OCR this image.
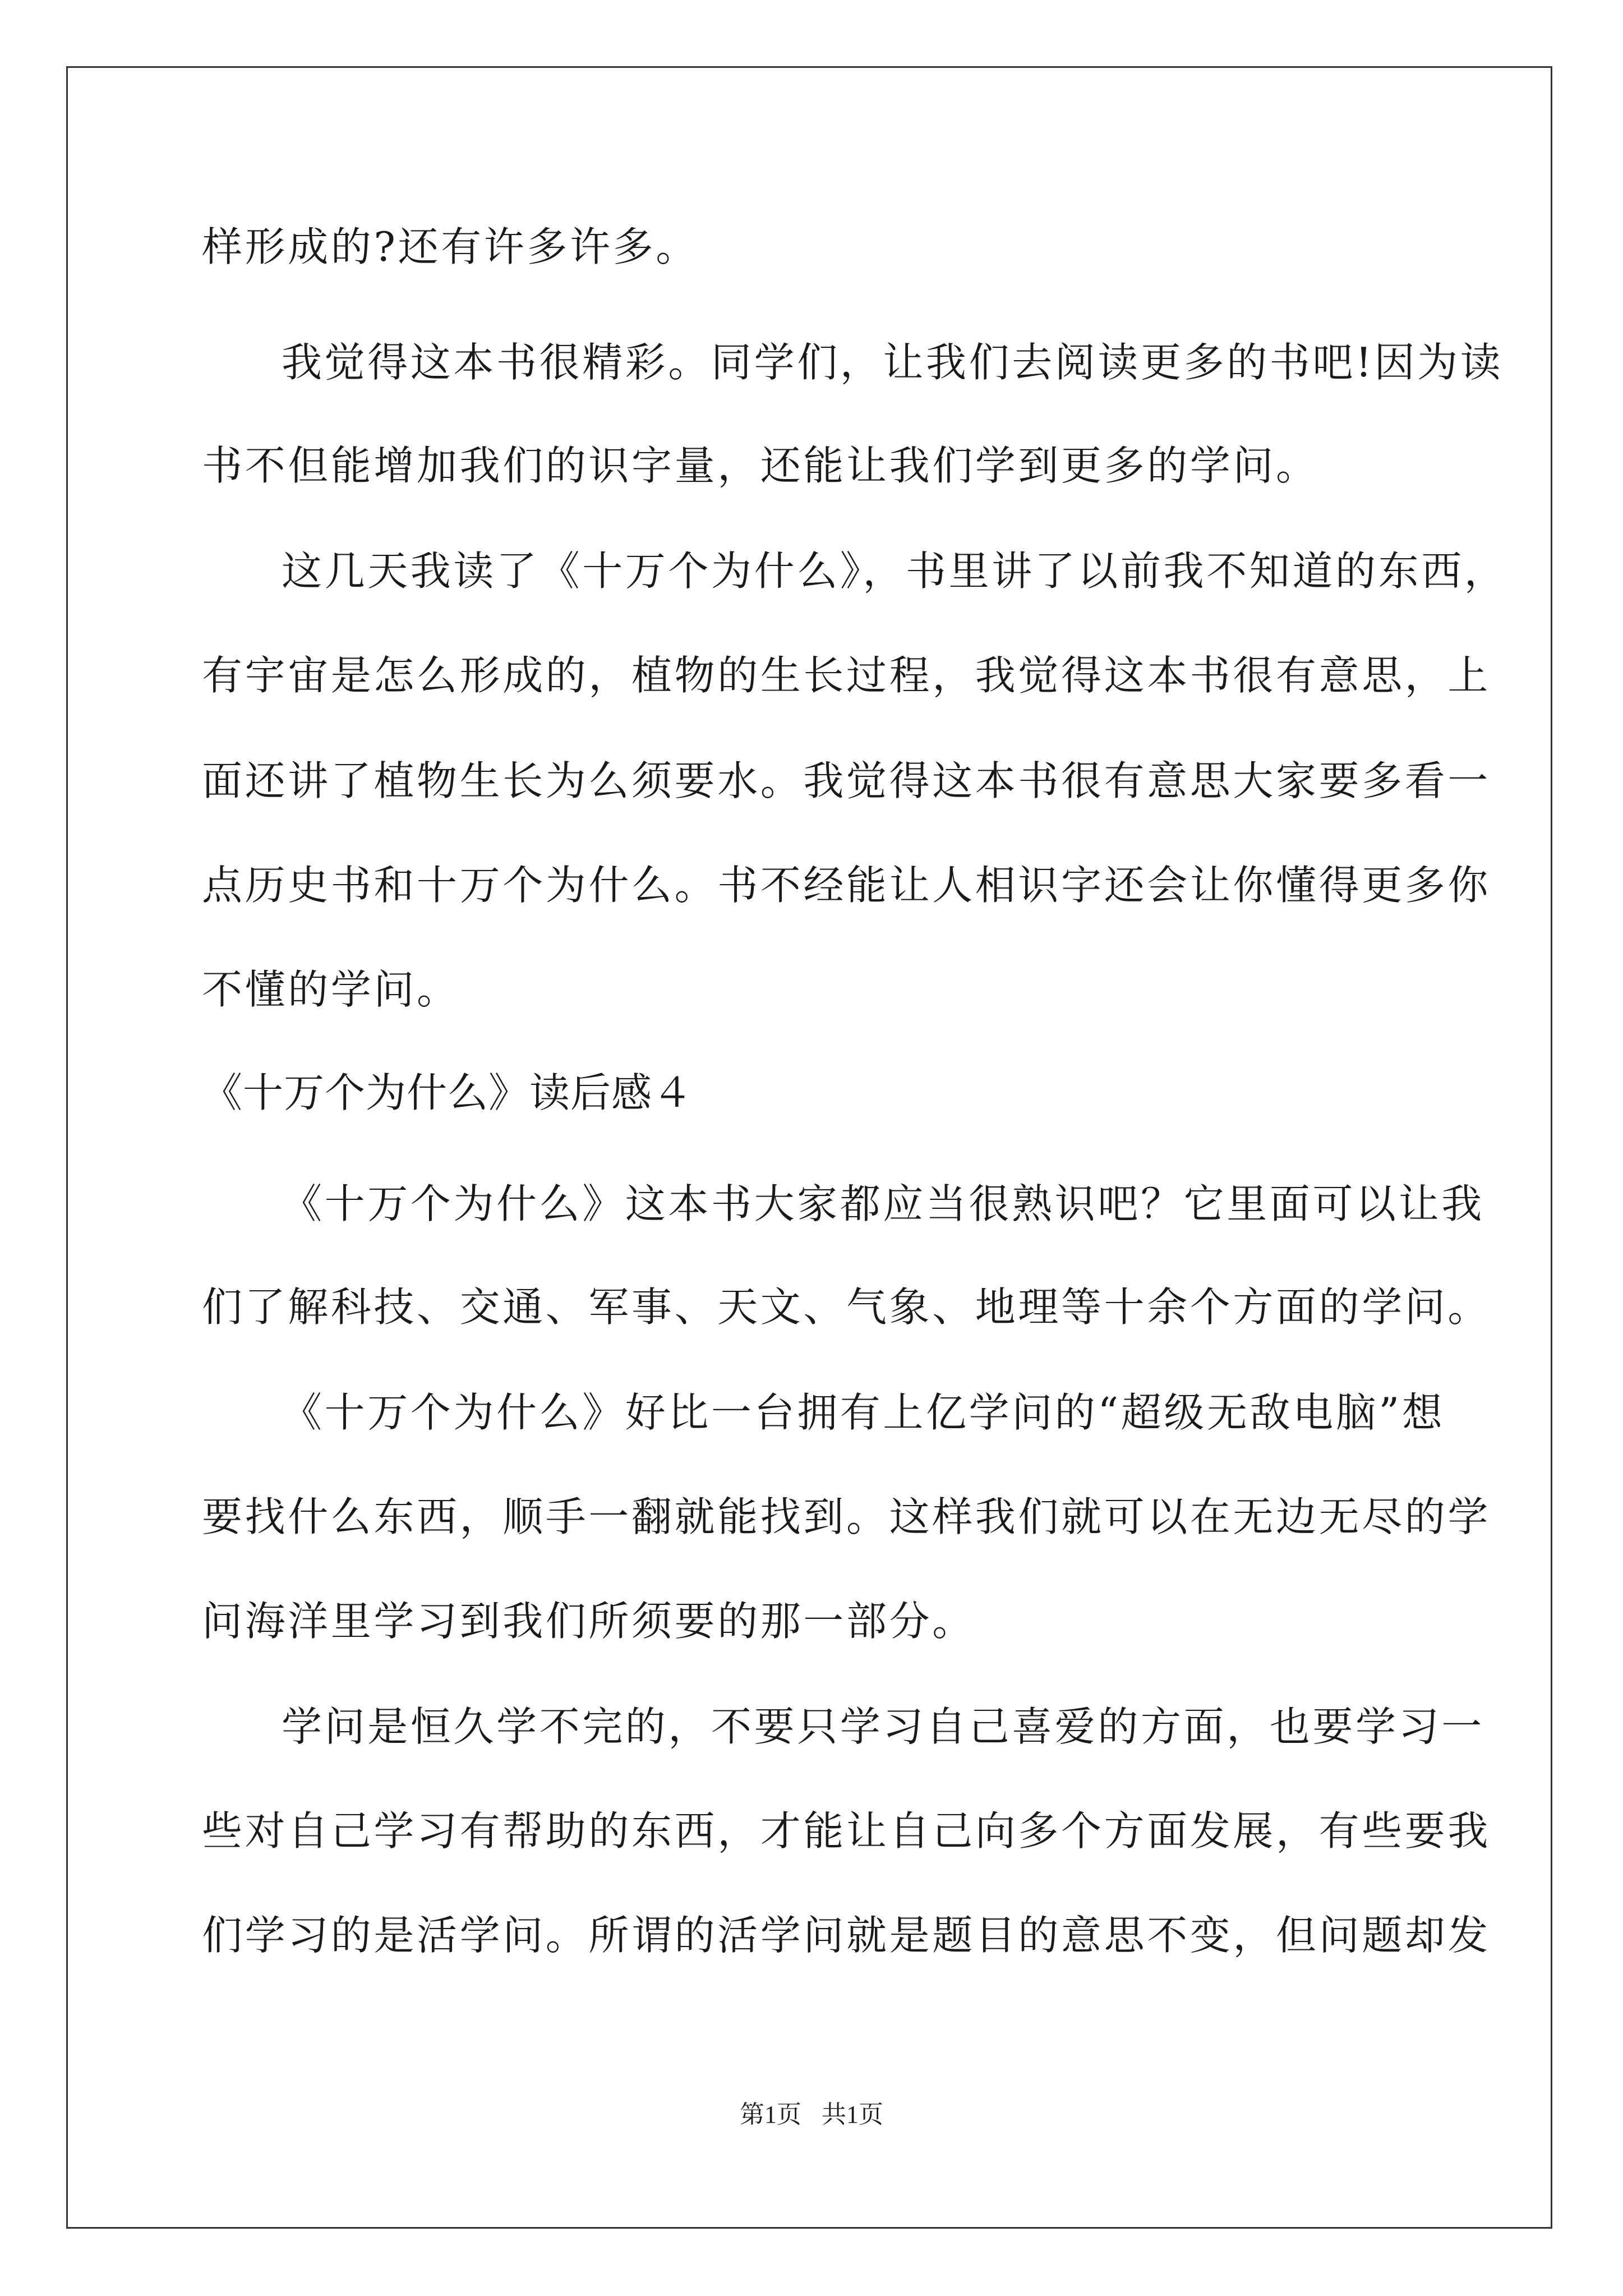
样形成的?还有许多许多。
我觉得这本书很精彩。同学们，让我们去阅读更多的书吧!因为读
书不但能增加我们的识字量，还能让我们学到更多的学问。
这几天我读了《十万个为什么》，书里讲了以前我不知道的东西，
有宇宙是怎么形成的，植物的生长过程，我觉得这本书很有意思，上
面还讲了植物生长为么须要水。我觉得这本书很有意思大家要多看一
点历史书和十万个为什么。书不经能让人相识字还会让你懂得更多你
不懂的学问。
《十万个为什么》读后感４
《十万个为什么》这本书大家都应当很熟识吧？它里面可以让我
们了解科技、交通、军事、天文、气象、地理等十余个方面的学问。
《十万个为什么》好比一台拥有上亿学问的“超级无敌电脑”想
要找什么东西，顺手一翻就能找到。这样我们就可以在无边无尽的学
问海洋里学习到我们所须要的那一部分。
学问是恒久学不完的，不要只学习自己喜爱的方面，也要学习一
些对自己学习有帮助的东西，才能让自己向多个方面发展，有些要我
们学习的是活学问。所谓的活学问就是题目的意思不变，但问题却发
第1页 共1页
